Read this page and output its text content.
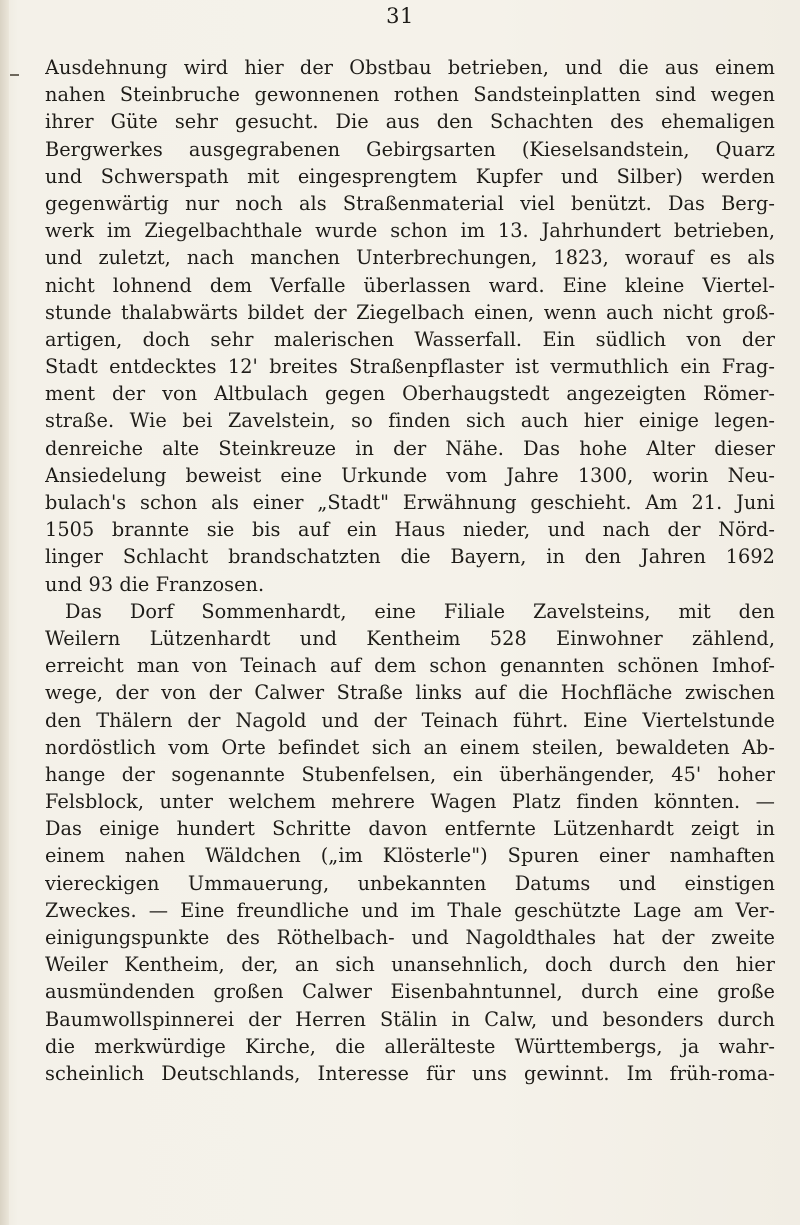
31
Ausdehnung wird hier der Obstbau betrieben, und die aus einem
nahen Steinbruche gewonnenen rothen Sandsteinplatten sind wegen
ihrer Güte sehr gesucht. Die aus den Schachten des ehemaligen
Bergwerkes ausgegrabenen Gebirgsarten (Kieselsandstein, Quarz
und Schwerspath mit eingesprengtem Kupfer und Silber) werden
gegenwärtig nur noch als Straßenmaterial viel benützt. Das Berg-
werk im Ziegelbachthale wurde schon im 13. Jahrhundert betrieben,
und zuletzt, nach manchen Unterbrechungen, 1823, worauf es als
nicht lohnend dem Verfalle überlassen ward. Eine kleine Viertel-
stunde thalabwärts bildet der Ziegelbach einen, wenn auch nicht groß-
artigen, doch sehr malerischen Wasserfall. Ein südlich von der
Stadt entdecktes 12' breites Straßenpflaster ist vermuthlich ein Frag-
ment der von Altbulach gegen Oberhaugstedt angezeigten Römer-
straße. Wie bei Zavelstein, so finden sich auch hier einige legen-
denreiche alte Steinkreuze in der Nähe. Das hohe Alter dieser
Ansiedelung beweist eine Urkunde vom Jahre 1300, worin Neu-
bulach's schon als einer „Stadt" Erwähnung geschieht. Am 21. Juni
1505 brannte sie bis auf ein Haus nieder, und nach der Nörd-
linger Schlacht brandschatzten die Bayern, in den Jahren 1692
und 93 die Franzosen.
Das Dorf Sommenhardt, eine Filiale Zavelsteins, mit den
Weilern Lützenhardt und Kentheim 528 Einwohner zählend,
erreicht man von Teinach auf dem schon genannten schönen Imhof-
wege, der von der Calwer Straße links auf die Hochfläche zwischen
den Thälern der Nagold und der Teinach führt. Eine Viertelstunde
nordöstlich vom Orte befindet sich an einem steilen, bewaldeten Ab-
hange der sogenannte Stubenfelsen, ein überhängender, 45' hoher
Felsblock, unter welchem mehrere Wagen Platz finden könnten. —
Das einige hundert Schritte davon entfernte Lützenhardt zeigt in
einem nahen Wäldchen („im Klösterle") Spuren einer namhaften
viereckigen Ummauerung, unbekannten Datums und einstigen
Zweckes. — Eine freundliche und im Thale geschützte Lage am Ver-
einigungspunkte des Röthelbach- und Nagoldthales hat der zweite
Weiler Kentheim, der, an sich unansehnlich, doch durch den hier
ausmündenden großen Calwer Eisenbahntunnel, durch eine große
Baumwollspinnerei der Herren Stälin in Calw, und besonders durch
die merkwürdige Kirche, die allerälteste Württembergs, ja wahr-
scheinlich Deutschlands, Interesse für uns gewinnt. Im früh-roma-
